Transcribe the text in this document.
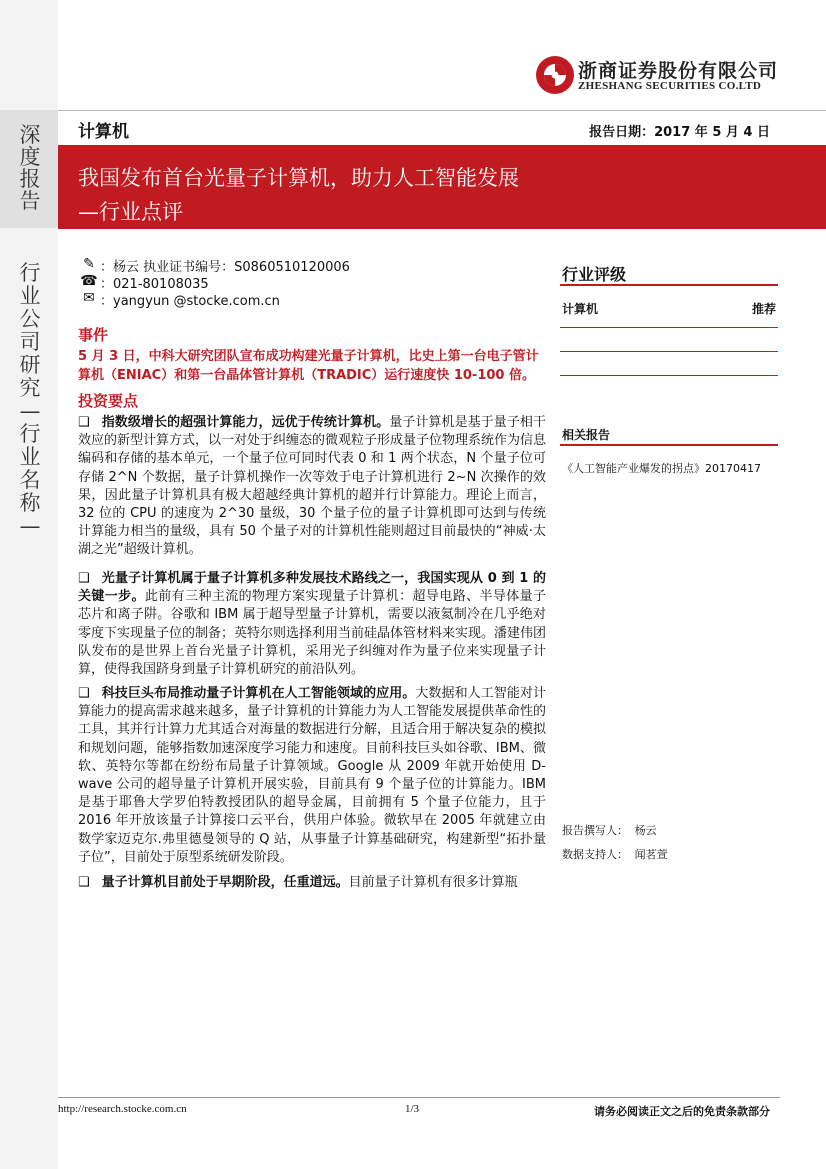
深度报告
行业公司研究—行业名称—
浙商证券股份有限公司
ZHESHANG SECURITIES CO.LTD
计算机	报告日期：2017 年 5 月 4 日
我国发布首台光量子计算机，助力人工智能发展
—行业点评
✎ ：杨云 执业证书编号：S0860510120006
☎ ：021-80108035
✉ ：yangyun @stocke.com.cn
事件
5 月 3 日，中科大研究团队宣布成功构建光量子计算机，比史上第一台电子管计算机（ENIAC）和第一台晶体管计算机（TRADIC）运行速度快 10-100 倍。
投资要点
❑ 指数级增长的超强计算能力，远优于传统计算机。量子计算机是基于量子相干效应的新型计算方式，以一对处于纠缠态的微观粒子形成量子位物理系统作为信息编码和存储的基本单元，一个量子位可同时代表 0 和 1 两个状态，N 个量子位可存储 2^N 个数据，量子计算机操作一次等效于电子计算机进行 2~N 次操作的效果，因此量子计算机具有极大超越经典计算机的超并行计算能力。理论上而言，32 位的 CPU 的速度为 2^30 量级，30 个量子位的量子计算机即可达到与传统计算能力相当的量级，具有 50 个量子对的计算机性能则超过目前最快的“神威·太湖之光”超级计算机。
❑ 光量子计算机属于量子计算机多种发展技术路线之一，我国实现从 0 到 1 的关键一步。此前有三种主流的物理方案实现量子计算机：超导电路、半导体量子芯片和离子阱。谷歌和 IBM 属于超导型量子计算机，需要以液氦制冷在几乎绝对零度下实现量子位的制备；英特尔则选择利用当前硅晶体管材料来实现。潘建伟团队发布的是世界上首台光量子计算机，采用光子纠缠对作为量子位来实现量子计算，使得我国跻身到量子计算机研究的前沿队列。
❑ 科技巨头布局推动量子计算机在人工智能领域的应用。大数据和人工智能对计算能力的提高需求越来越多，量子计算机的计算能力为人工智能发展提供革命性的工具，其并行计算力尤其适合对海量的数据进行分解，且适合用于解决复杂的模拟和规划问题，能够指数加速深度学习能力和速度。目前科技巨头如谷歌、IBM、微软、英特尔等都在纷纷布局量子计算领域。Google 从 2009 年就开始使用 D-wave 公司的超导量子计算机开展实验，目前具有 9 个量子位的计算能力。IBM 是基于耶鲁大学罗伯特教授团队的超导金属，目前拥有 5 个量子位能力，且于 2016 年开放该量子计算接口云平台，供用户体验。微软早在 2005 年就建立由数学家迈克尔.弗里德曼领导的 Q 站，从事量子计算基础研究，构建新型“拓扑量子位”，目前处于原型系统研发阶段。
❑ 量子计算机目前处于早期阶段，任重道远。目前量子计算机有很多计算瓶
行业评级
计算机	推荐
相关报告
《人工智能产业爆发的拐点》20170417
报告撰写人： 杨云
数据支持人： 闻茗萱
http://research.stocke.com.cn	1/3	请务必阅读正文之后的免责条款部分
